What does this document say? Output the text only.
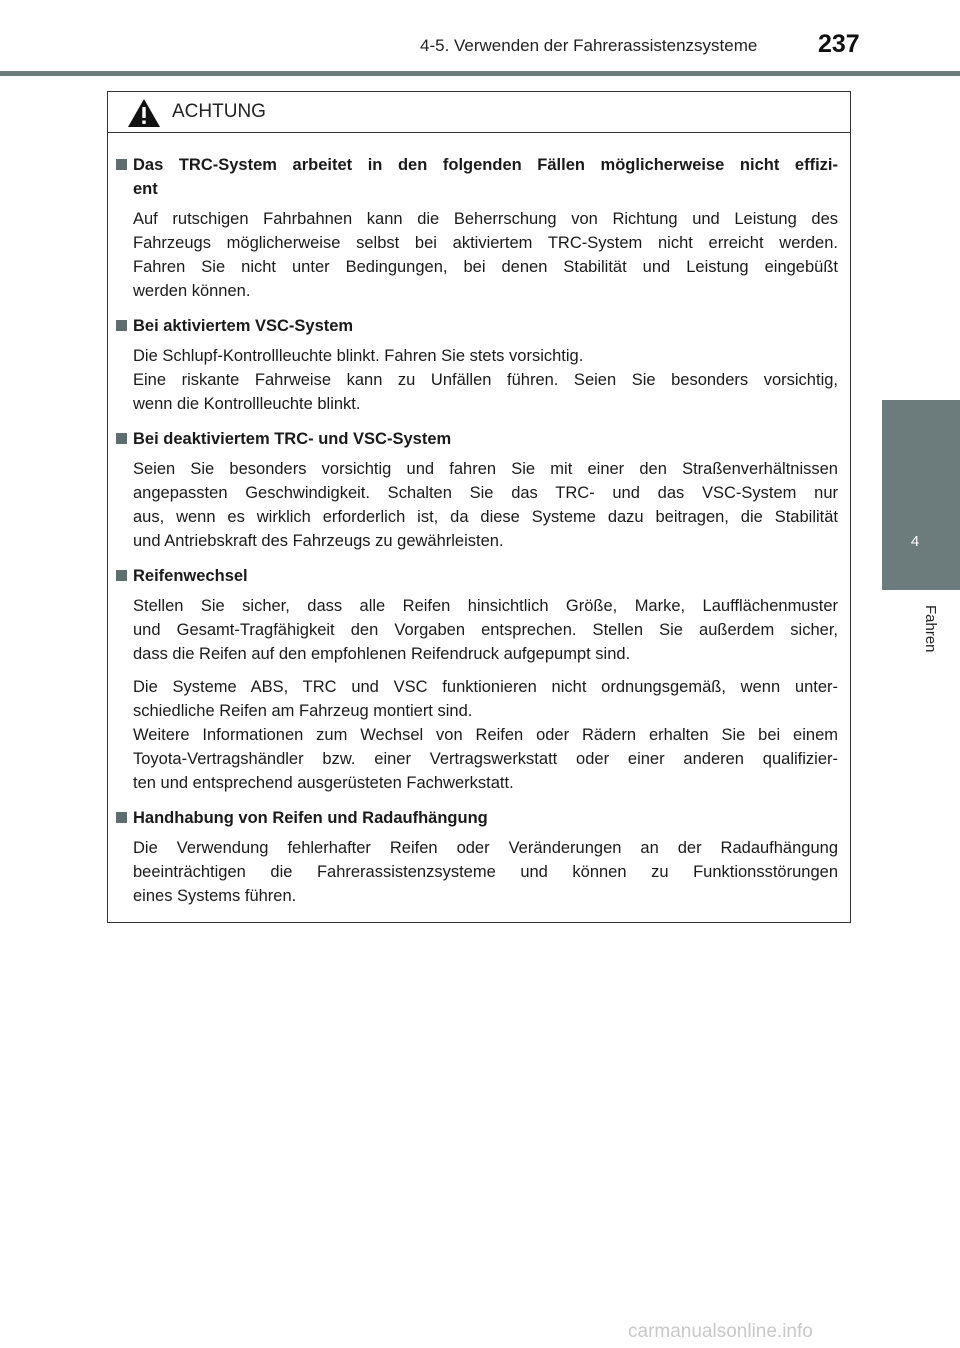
4-5. Verwenden der Fahrerassistenzsysteme 237
4
Fahren
ACHTUNG
Das TRC-System arbeitet in den folgenden Fällen möglicherweise nicht effizi-
ent
Auf rutschigen Fahrbahnen kann die Beherrschung von Richtung und Leistung des
Fahrzeugs möglicherweise selbst bei aktiviertem TRC-System nicht erreicht werden.
Fahren Sie nicht unter Bedingungen, bei denen Stabilität und Leistung eingebüßt
werden können.
Bei aktiviertem VSC-System
Die Schlupf-Kontrollleuchte blinkt. Fahren Sie stets vorsichtig.
Eine riskante Fahrweise kann zu Unfällen führen. Seien Sie besonders vorsichtig,
wenn die Kontrollleuchte blinkt.
Bei deaktiviertem TRC- und VSC-System
Seien Sie besonders vorsichtig und fahren Sie mit einer den Straßenverhältnissen
angepassten Geschwindigkeit. Schalten Sie das TRC- und das VSC-System nur
aus, wenn es wirklich erforderlich ist, da diese Systeme dazu beitragen, die Stabilität
und Antriebskraft des Fahrzeugs zu gewährleisten.
Reifenwechsel
Stellen Sie sicher, dass alle Reifen hinsichtlich Größe, Marke, Laufflächenmuster
und Gesamt-Tragfähigkeit den Vorgaben entsprechen. Stellen Sie außerdem sicher,
dass die Reifen auf den empfohlenen Reifendruck aufgepumpt sind.
Die Systeme ABS, TRC und VSC funktionieren nicht ordnungsgemäß, wenn unter-
schiedliche Reifen am Fahrzeug montiert sind.
Weitere Informationen zum Wechsel von Reifen oder Rädern erhalten Sie bei einem
Toyota-Vertragshändler bzw. einer Vertragswerkstatt oder einer anderen qualifizier-
ten und entsprechend ausgerüsteten Fachwerkstatt.
Handhabung von Reifen und Radaufhängung
Die Verwendung fehlerhafter Reifen oder Veränderungen an der Radaufhängung
beeinträchtigen die Fahrerassistenzsysteme und können zu Funktionsstörungen
eines Systems führen.
carmanualsonline.info
